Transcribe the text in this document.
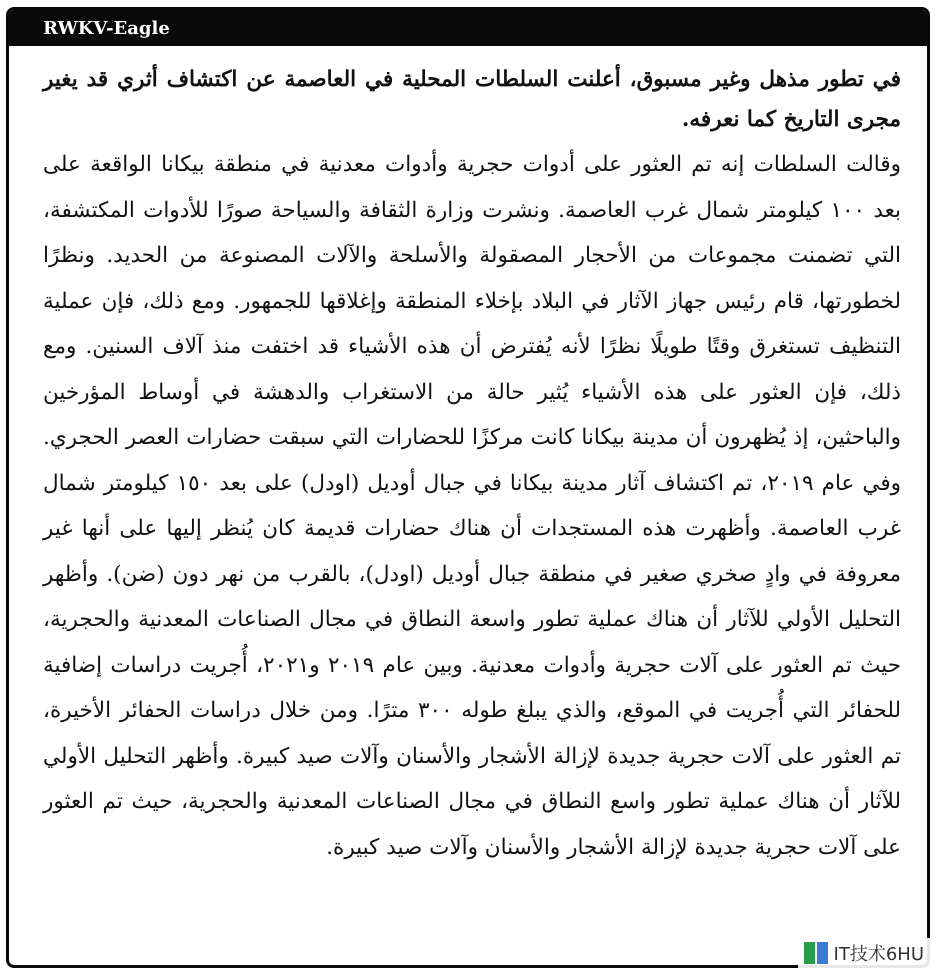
RWKV-Eagle

في تطور مذهل وغير مسبوق، أعلنت السلطات المحلية في العاصمة عن اكتشاف أثري قد يغير مجرى التاريخ كما نعرفه.

وقالت السلطات إنه تم العثور على أدوات حجرية وأدوات معدنية في منطقة بيكانا الواقعة على بعد ١٠٠ كيلومتر شمال غرب العاصمة. ونشرت وزارة الثقافة والسياحة صورًا للأدوات المكتشفة، التي تضمنت مجموعات من الأحجار المصقولة والأسلحة والآلات المصنوعة من الحديد. ونظرًا لخطورتها، قام رئيس جهاز الآثار في البلاد بإخلاء المنطقة وإغلاقها للجمهور. ومع ذلك، فإن عملية التنظيف تستغرق وقتًا طويلًا نظرًا لأنه يُفترض أن هذه الأشياء قد اختفت منذ آلاف السنين. ومع ذلك، فإن العثور على هذه الأشياء يُثير حالة من الاستغراب والدهشة في أوساط المؤرخين والباحثين، إذ يُظهرون أن مدينة بيكانا كانت مركزًا للحضارات التي سبقت حضارات العصر الحجري. وفي عام ٢٠١٩، تم اكتشاف آثار مدينة بيكانا في جبال أوديل (اودل) على بعد ١٥٠ كيلومتر شمال غرب العاصمة. وأظهرت هذه المستجدات أن هناك حضارات قديمة كان يُنظر إليها على أنها غير معروفة في وادٍ صخري صغير في منطقة جبال أوديل (اودل)، بالقرب من نهر دون (ضن). وأظهر التحليل الأولي للآثار أن هناك عملية تطور واسعة النطاق في مجال الصناعات المعدنية والحجرية، حيث تم العثور على آلات حجرية وأدوات معدنية. وبين عام ٢٠١٩ و٢٠٢١، أُجريت دراسات إضافية للحفائر التي أُجريت في الموقع، والذي يبلغ طوله ٣٠٠ مترًا. ومن خلال دراسات الحفائر الأخيرة، تم العثور على آلات حجرية جديدة لإزالة الأشجار والأسنان وآلات صيد كبيرة. وأظهر التحليل الأولي للآثار أن هناك عملية تطور واسع النطاق في مجال الصناعات المعدنية والحجرية، حيث تم العثور على آلات حجرية جديدة لإزالة الأشجار والأسنان وآلات صيد كبيرة.

IT技术6HU
